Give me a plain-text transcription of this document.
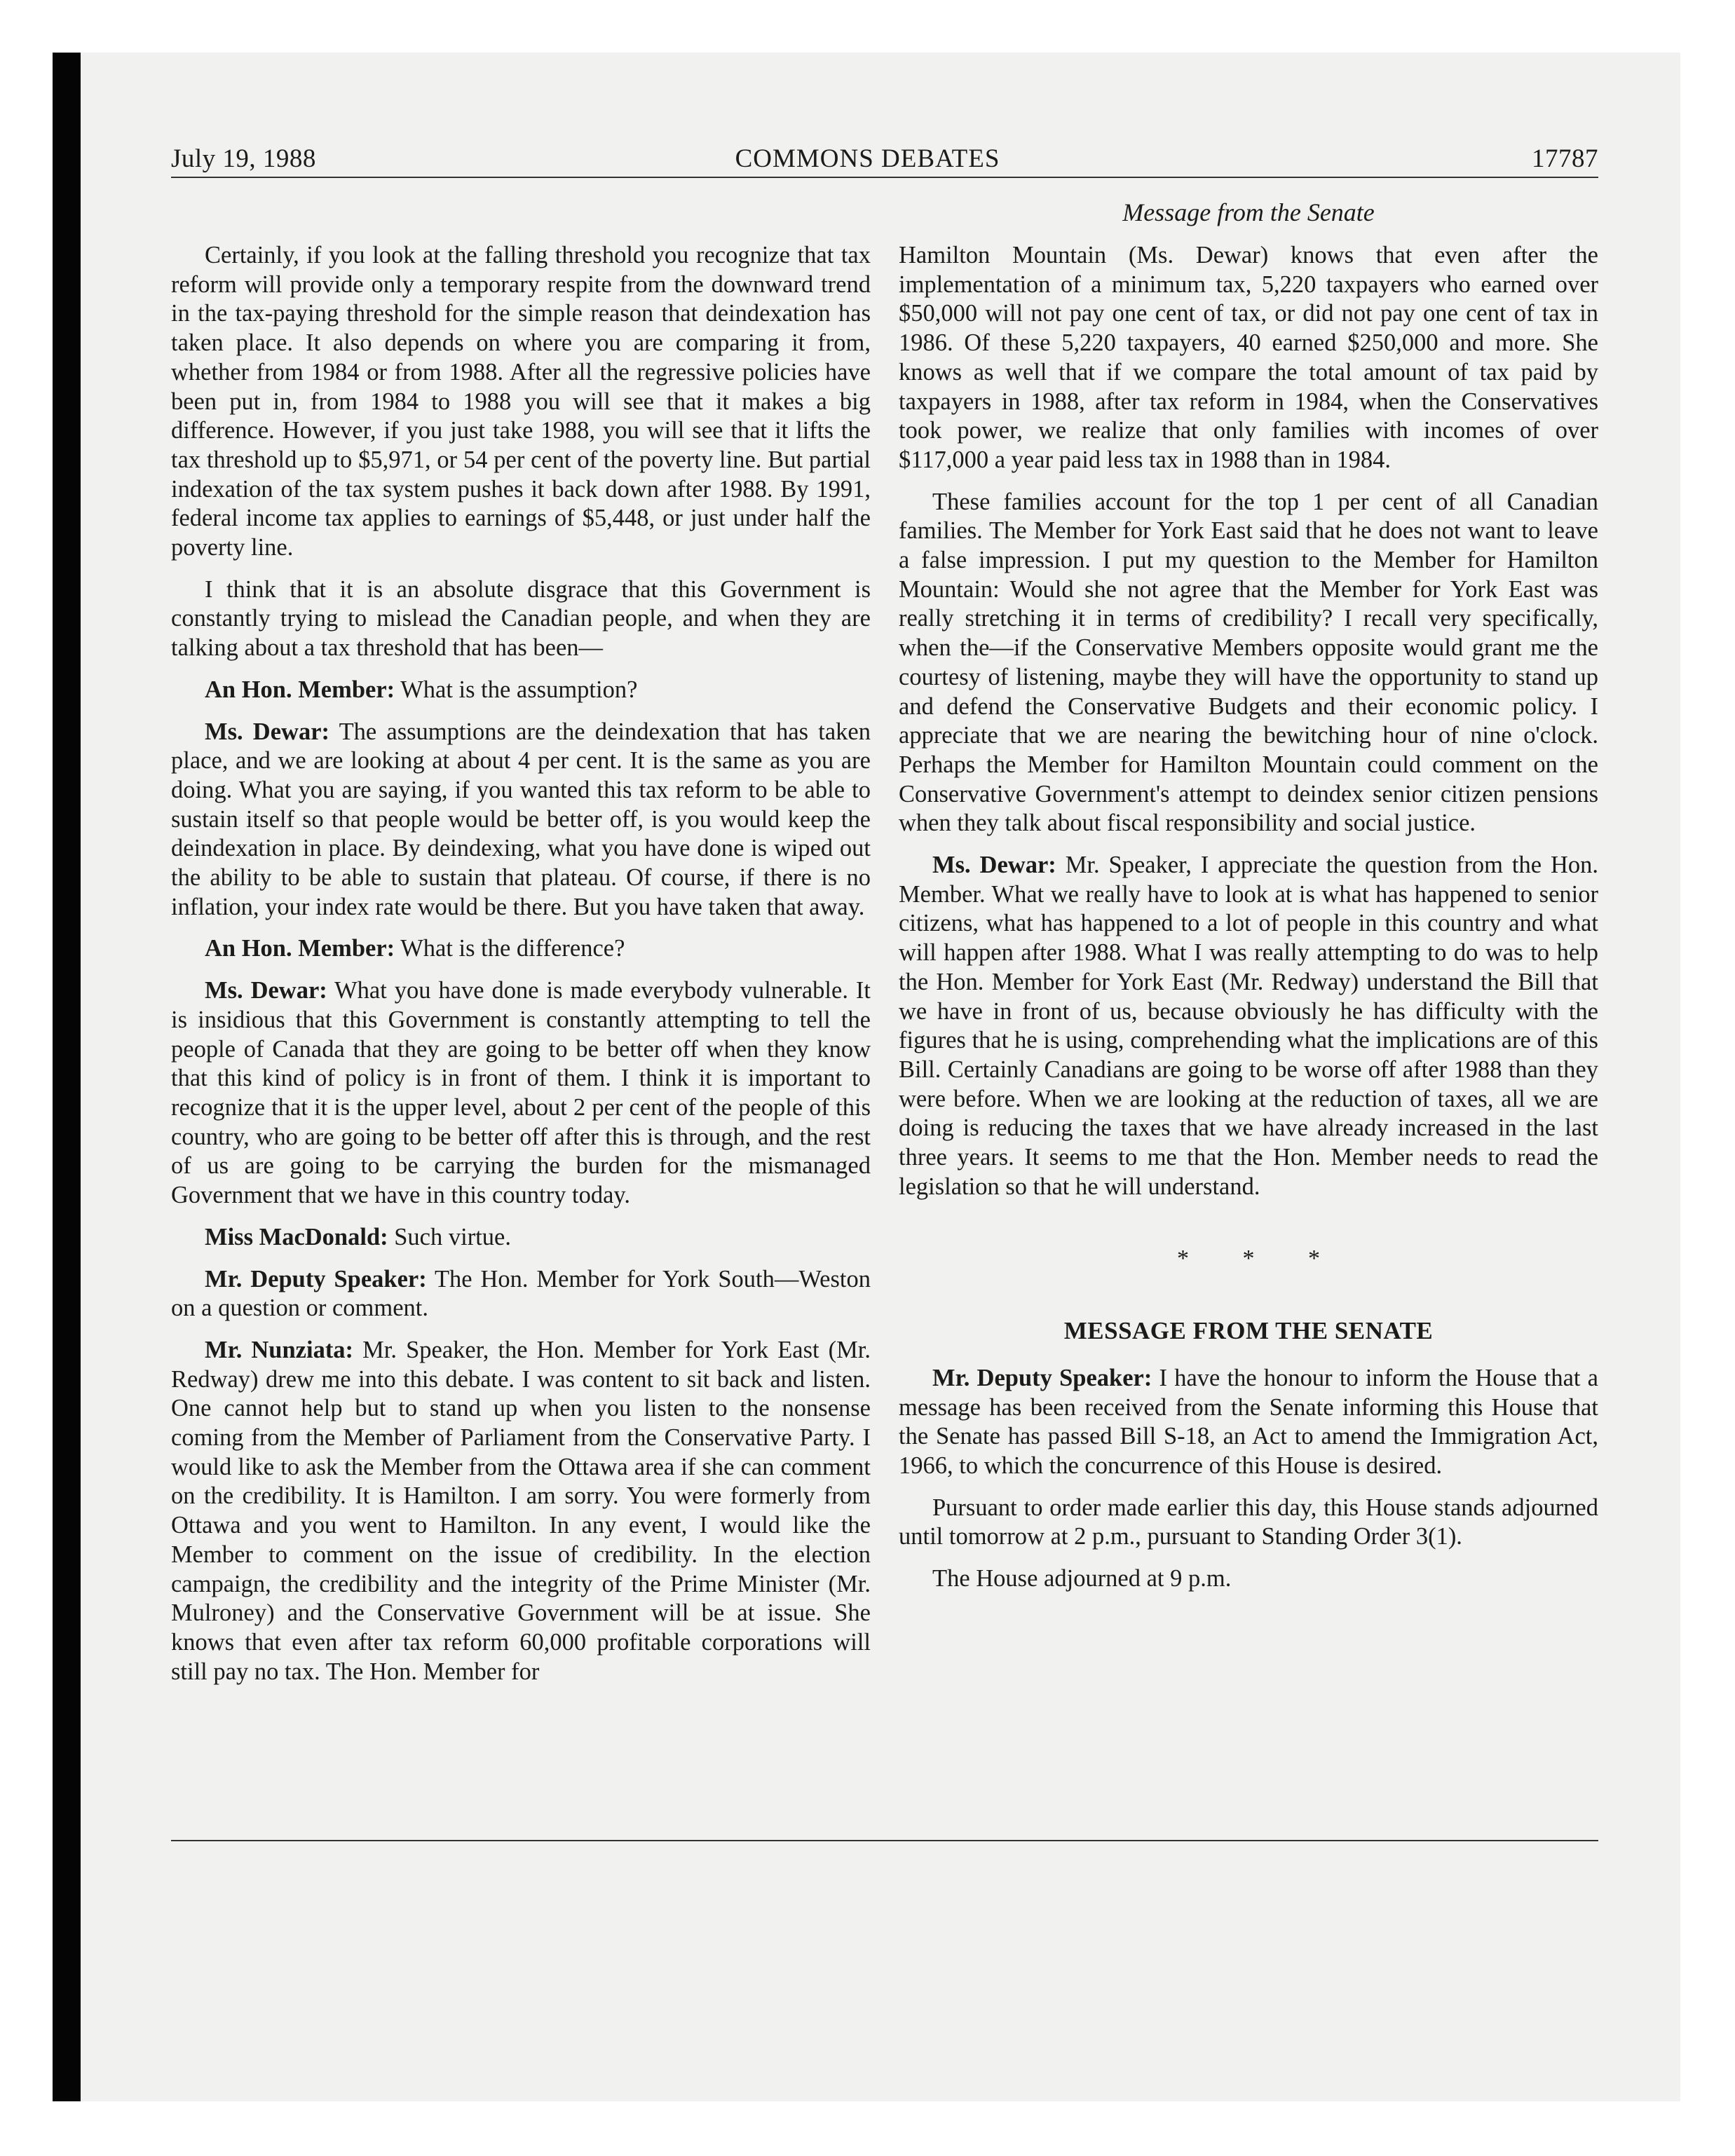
July 19, 1988	COMMONS DEBATES	17787
Message from the Senate

Certainly, if you look at the falling threshold you recognize that tax reform will provide only a temporary respite from the downward trend in the tax-paying threshold for the simple reason that deindexation has taken place. It also depends on where you are comparing it from, whether from 1984 or from 1988. After all the regressive policies have been put in, from 1984 to 1988 you will see that it makes a big difference. However, if you just take 1988, you will see that it lifts the tax threshold up to $5,971, or 54 per cent of the poverty line. But partial indexation of the tax system pushes it back down after 1988. By 1991, federal income tax applies to earnings of $5,448, or just under half the poverty line.

I think that it is an absolute disgrace that this Government is constantly trying to mislead the Canadian people, and when they are talking about a tax threshold that has been—

An Hon. Member: What is the assumption?

Ms. Dewar: The assumptions are the deindexation that has taken place, and we are looking at about 4 per cent. It is the same as you are doing. What you are saying, if you wanted this tax reform to be able to sustain itself so that people would be better off, is you would keep the deindexation in place. By deindexing, what you have done is wiped out the ability to be able to sustain that plateau. Of course, if there is no inflation, your index rate would be there. But you have taken that away.

An Hon. Member: What is the difference?

Ms. Dewar: What you have done is made everybody vulnerable. It is insidious that this Government is constantly attempting to tell the people of Canada that they are going to be better off when they know that this kind of policy is in front of them. I think it is important to recognize that it is the upper level, about 2 per cent of the people of this country, who are going to be better off after this is through, and the rest of us are going to be carrying the burden for the mismanaged Government that we have in this country today.

Miss MacDonald: Such virtue.

Mr. Deputy Speaker: The Hon. Member for York South—Weston on a question or comment.

Mr. Nunziata: Mr. Speaker, the Hon. Member for York East (Mr. Redway) drew me into this debate. I was content to sit back and listen. One cannot help but to stand up when you listen to the nonsense coming from the Member of Parliament from the Conservative Party. I would like to ask the Member from the Ottawa area if she can comment on the credibility. It is Hamilton. I am sorry. You were formerly from Ottawa and you went to Hamilton. In any event, I would like the Member to comment on the issue of credibility. In the election campaign, the credibility and the integrity of the Prime Minister (Mr. Mulroney) and the Conservative Government will be at issue. She knows that even after tax reform 60,000 profitable corporations will still pay no tax. The Hon. Member for

Hamilton Mountain (Ms. Dewar) knows that even after the implementation of a minimum tax, 5,220 taxpayers who earned over $50,000 will not pay one cent of tax, or did not pay one cent of tax in 1986. Of these 5,220 taxpayers, 40 earned $250,000 and more. She knows as well that if we compare the total amount of tax paid by taxpayers in 1988, after tax reform in 1984, when the Conservatives took power, we realize that only families with incomes of over $117,000 a year paid less tax in 1988 than in 1984.

These families account for the top 1 per cent of all Canadian families. The Member for York East said that he does not want to leave a false impression. I put my question to the Member for Hamilton Mountain: Would she not agree that the Member for York East was really stretching it in terms of credibility? I recall very specifically, when the—if the Conservative Members opposite would grant me the courtesy of listening, maybe they will have the opportunity to stand up and defend the Conservative Budgets and their economic policy. I appreciate that we are nearing the bewitching hour of nine o'clock. Perhaps the Member for Hamilton Mountain could comment on the Conservative Government's attempt to deindex senior citizen pensions when they talk about fiscal responsibility and social justice.

Ms. Dewar: Mr. Speaker, I appreciate the question from the Hon. Member. What we really have to look at is what has happened to senior citizens, what has happened to a lot of people in this country and what will happen after 1988. What I was really attempting to do was to help the Hon. Member for York East (Mr. Redway) understand the Bill that we have in front of us, because obviously he has difficulty with the figures that he is using, comprehending what the implications are of this Bill. Certainly Canadians are going to be worse off after 1988 than they were before. When we are looking at the reduction of taxes, all we are doing is reducing the taxes that we have already increased in the last three years. It seems to me that the Hon. Member needs to read the legislation so that he will understand.

* * *
MESSAGE FROM THE SENATE

Mr. Deputy Speaker: I have the honour to inform the House that a message has been received from the Senate informing this House that the Senate has passed Bill S-18, an Act to amend the Immigration Act, 1966, to which the concurrence of this House is desired.

Pursuant to order made earlier this day, this House stands adjourned until tomorrow at 2 p.m., pursuant to Standing Order 3(1).

The House adjourned at 9 p.m.
